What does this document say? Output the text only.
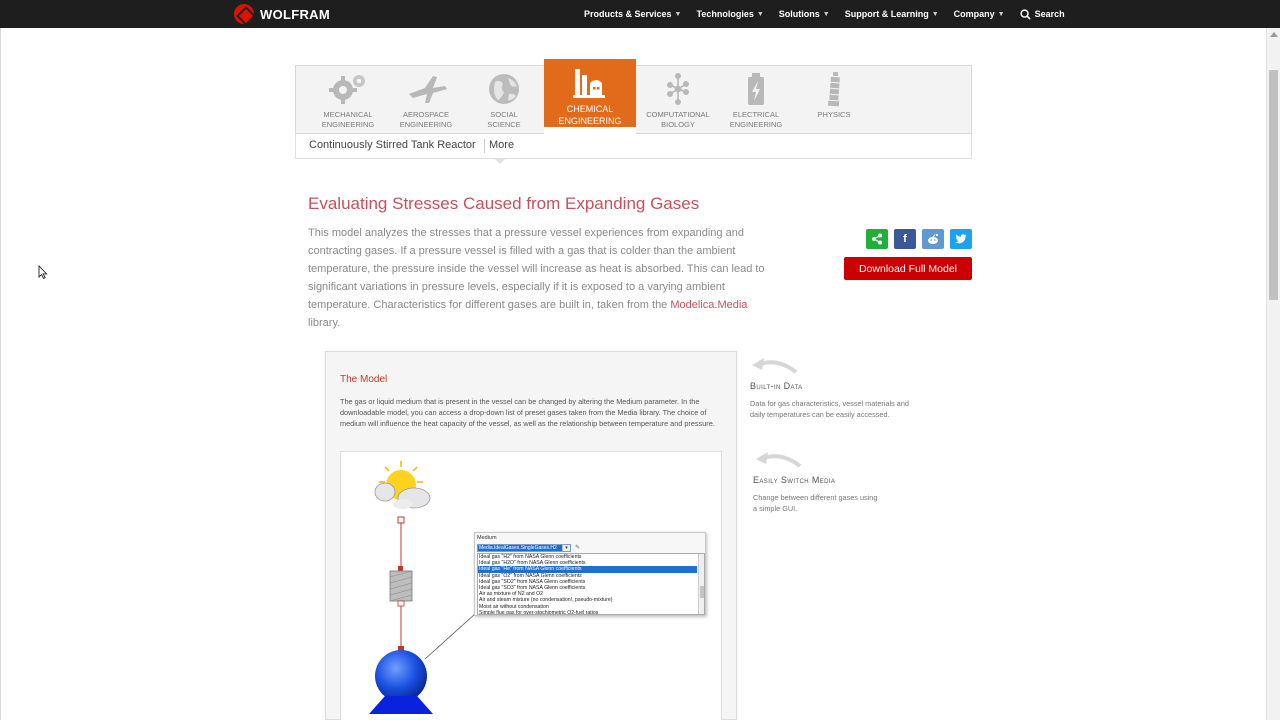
WOLFRAM	Products & Services ▼ Technologies ▼ Solutions ▼ Support & Learning ▼ Company ▼	Search
MECHANICAL
ENGINEERING
AEROSPACE
ENGINEERING
SOCIAL
SCIENCE
CHEMICAL
ENGINEERING
COMPUTATIONAL
BIOLOGY
ELECTRICAL
ENGINEERING
PHYSICS
Continuously Stirred Tank Reactor More
Evaluating Stresses Caused from Expanding Gases

This model analyzes the stresses that a pressure vessel experiences from expanding and contracting gases. If a pressure vessel is filled with a gas that is colder than the ambient temperature, the pressure inside the vessel will increase as heat is absorbed. This can lead to significant variations in pressure levels, especially if it is exposed to a varying ambient temperature. Characteristics for different gases are built in, taken from the Modelica.Media library.

f
Download Full Model
The Model
The gas or liquid medium that is present in the vessel can be changed by altering the Medium parameter. In the downloadable model, you can access a drop-down list of preset gases taken from the Media library. The choice of medium will influence the heat capacity of the vessel, as well as the relationship between temperature and pressure.
Medium
Media.IdealGases.SingleGases.H2	▾	✎
Ideal gas "H2" from NASA Glenn coefficients
Ideal gas "H2O" from NASA Glenn coefficients
Ideal gas "He" from NASA Glenn coefficients
Ideal gas "O2" from NASA Glenn coefficients
Ideal gas "SO2" from NASA Glenn coefficients
Ideal gas "SO3" from NASA Glenn coefficients
Air as mixture of N2 and O2
Air and steam mixture (no condensation!, pseudo-mixture)
Moist air without condensation
Simple flue gas for over-stochiometric O2-fuel ratios
Built-in Data
Data for gas characteristics, vessel materials and daily temperatures can be easily accessed.
Easily Switch Media
Change between different gases using a simple GUI.
